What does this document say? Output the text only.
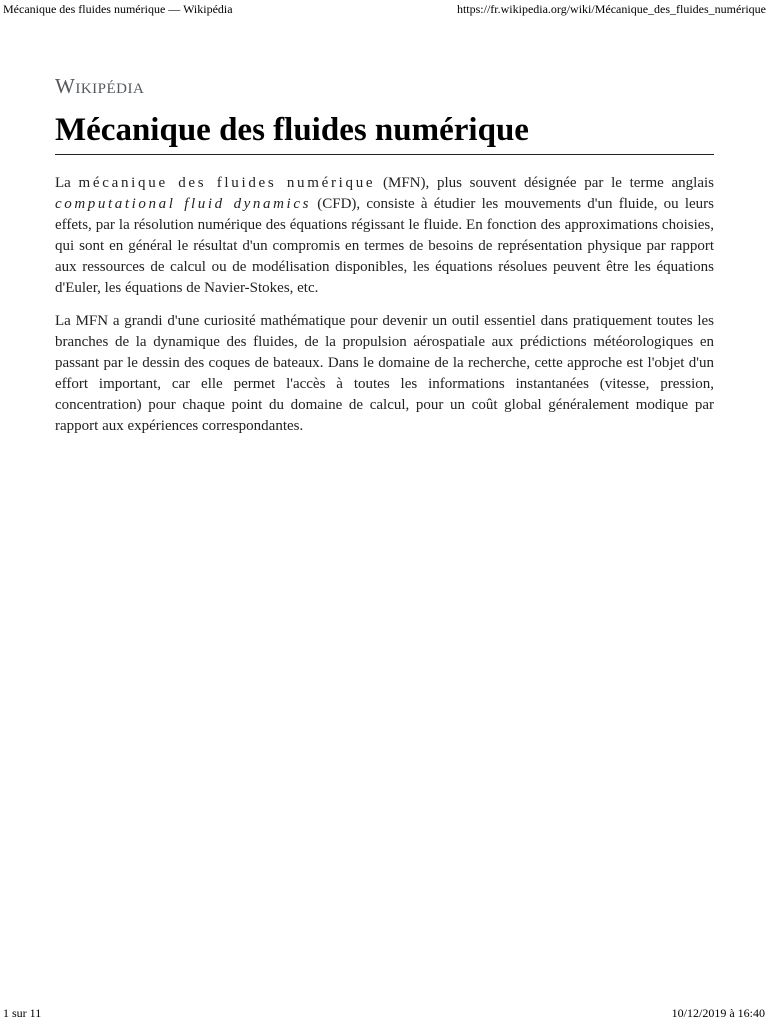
Mécanique des fluides numérique — Wikipédia	https://fr.wikipedia.org/wiki/Mécanique_des_fluides_numérique
Wikipédia
Mécanique des fluides numérique

La mécanique des fluides numérique (MFN), plus souvent désignée par le terme anglais computational fluid dynamics (CFD), consiste à étudier les mouvements d'un fluide, ou leurs effets, par la résolution numérique des équations régissant le fluide. En fonction des approximations choisies, qui sont en général le résultat d'un compromis en termes de besoins de représentation physique par rapport aux ressources de calcul ou de modélisation disponibles, les équations résolues peuvent être les équations d'Euler, les équations de Navier-Stokes, etc.

La MFN a grandi d'une curiosité mathématique pour devenir un outil essentiel dans pratiquement toutes les branches de la dynamique des fluides, de la propulsion aérospatiale aux prédictions météorologiques en passant par le dessin des coques de bateaux. Dans le domaine de la recherche, cette approche est l'objet d'un effort important, car elle permet l'accès à toutes les informations instantanées (vitesse, pression, concentration) pour chaque point du domaine de calcul, pour un coût global généralement modique par rapport aux expériences correspondantes.

1 sur 11	10/12/2019 à 16:40
